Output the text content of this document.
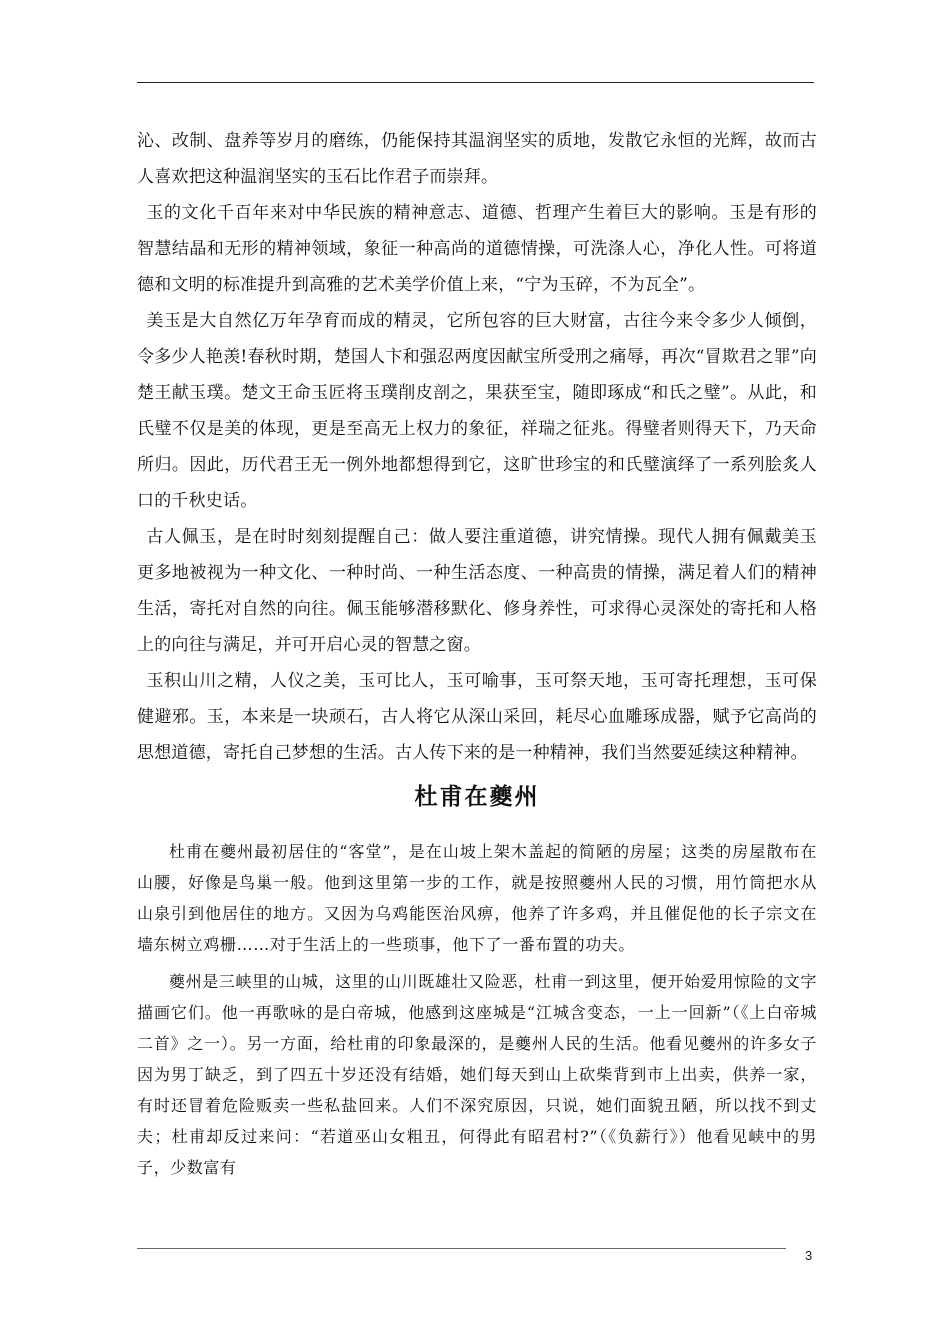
沁、改制、盘养等岁月的磨练，仍能保持其温润坚实的质地，发散它永恒的光辉，故而古人喜欢把这种温润坚实的玉石比作君子而崇拜。

玉的文化千百年来对中华民族的精神意志、道德、哲理产生着巨大的影响。玉是有形的智慧结晶和无形的精神领域，象征一种高尚的道德情操，可洗涤人心，净化人性。可将道德和文明的标准提升到高雅的艺术美学价值上来，“宁为玉碎，不为瓦全”。

美玉是大自然亿万年孕育而成的精灵，它所包容的巨大财富，古往今来令多少人倾倒，令多少人艳羡!春秋时期，楚国人卞和强忍两度因献宝所受刑之痛辱，再次“冒欺君之罪”向楚王献玉璞。楚文王命玉匠将玉璞削皮剖之，果获至宝，随即琢成“和氏之璧”。从此，和氏璧不仅是美的体现，更是至高无上权力的象征，祥瑞之征兆。得璧者则得天下，乃天命所归。因此，历代君王无一例外地都想得到它，这旷世珍宝的和氏璧演绎了一系列脍炙人口的千秋史话。

古人佩玉，是在时时刻刻提醒自己：做人要注重道德，讲究情操。现代人拥有佩戴美玉更多地被视为一种文化、一种时尚、一种生活态度、一种高贵的情操，满足着人们的精神生活，寄托对自然的向往。佩玉能够潜移默化、修身养性，可求得心灵深处的寄托和人格上的向往与满足，并可开启心灵的智慧之窗。

玉积山川之精，人仪之美，玉可比人，玉可喻事，玉可祭天地，玉可寄托理想，玉可保健避邪。玉，本来是一块顽石，古人将它从深山采回，耗尽心血雕琢成器，赋予它高尚的思想道德，寄托自己梦想的生活。古人传下来的是一种精神，我们当然要延续这种精神。

杜甫在夔州

杜甫在夔州最初居住的“客堂”，是在山坡上架木盖起的简陋的房屋；这类的房屋散布在山腰，好像是鸟巢一般。他到这里第一步的工作，就是按照夔州人民的习惯，用竹筒把水从山泉引到他居住的地方。又因为乌鸡能医治风痹，他养了许多鸡，并且催促他的长子宗文在墙东树立鸡栅……对于生活上的一些琐事，他下了一番布置的功夫。

夔州是三峡里的山城，这里的山川既雄壮又险恶，杜甫一到这里，便开始爱用惊险的文字描画它们。他一再歌咏的是白帝城，他感到这座城是“江城含变态，一上一回新”（《上白帝城二首》之一）。另一方面，给杜甫的印象最深的，是夔州人民的生活。他看见夔州的许多女子因为男丁缺乏，到了四五十岁还没有结婚，她们每天到山上砍柴背到市上出卖，供养一家，有时还冒着危险贩卖一些私盐回来。人们不深究原因，只说，她们面貌丑陋，所以找不到丈夫；杜甫却反过来问：“若道巫山女粗丑，何得此有昭君村?”（《负薪行》）他看见峡中的男子，少数富有

3
